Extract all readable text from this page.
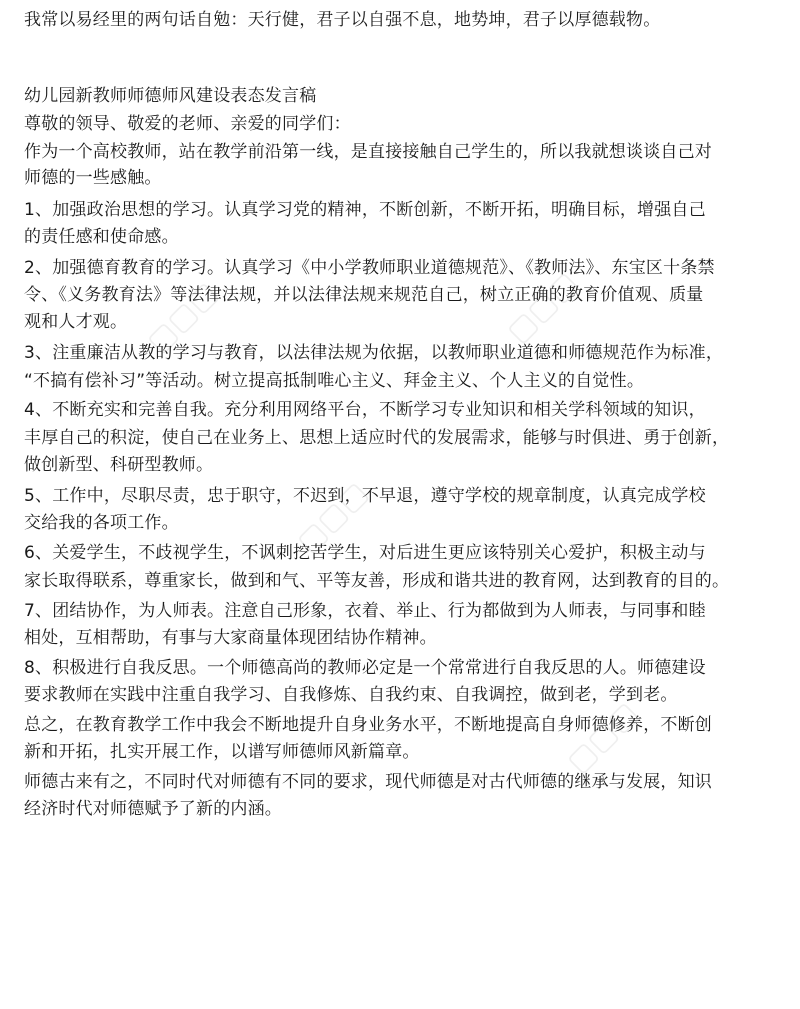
▢▢▢	▢▢▢
▢▢▢
▢▢▢
我常以易经里的两句话自勉：天行健，君子以自强不息，地势坤，君子以厚德载物。
幼儿园新教师师德师风建设表态发言稿
尊敬的领导、敬爱的老师、亲爱的同学们：
作为一个高校教师，站在教学前沿第一线，是直接接触自己学生的，所以我就想谈谈自己对
师德的一些感触。
1、加强政治思想的学习。认真学习党的精神，不断创新，不断开拓，明确目标，增强自己
的责任感和使命感。
2、加强德育教育的学习。认真学习《中小学教师职业道德规范》、《教师法》、东宝区十条禁
令、《义务教育法》等法律法规，并以法律法规来规范自己，树立正确的教育价值观、质量
观和人才观。
3、注重廉洁从教的学习与教育，以法律法规为依据，以教师职业道德和师德规范作为标准，
“不搞有偿补习”等活动。树立提高抵制唯心主义、拜金主义、个人主义的自觉性。
4、不断充实和完善自我。充分利用网络平台，不断学习专业知识和相关学科领域的知识，
丰厚自己的积淀，使自己在业务上、思想上适应时代的发展需求，能够与时俱进、勇于创新，
做创新型、科研型教师。
5、工作中，尽职尽责，忠于职守，不迟到，不早退，遵守学校的规章制度，认真完成学校
交给我的各项工作。
6、关爱学生，不歧视学生，不讽刺挖苦学生，对后进生更应该特别关心爱护，积极主动与
家长取得联系，尊重家长，做到和气、平等友善，形成和谐共进的教育网，达到教育的目的。
7、团结协作，为人师表。注意自己形象，衣着、举止、行为都做到为人师表，与同事和睦
相处，互相帮助，有事与大家商量体现团结协作精神。
8、积极进行自我反思。一个师德高尚的教师必定是一个常常进行自我反思的人。师德建设
要求教师在实践中注重自我学习、自我修炼、自我约束、自我调控，做到老，学到老。
总之，在教育教学工作中我会不断地提升自身业务水平，不断地提高自身师德修养，不断创
新和开拓，扎实开展工作，以谱写师德师风新篇章。
师德古来有之，不同时代对师德有不同的要求，现代师德是对古代师德的继承与发展，知识
经济时代对师德赋予了新的内涵。
